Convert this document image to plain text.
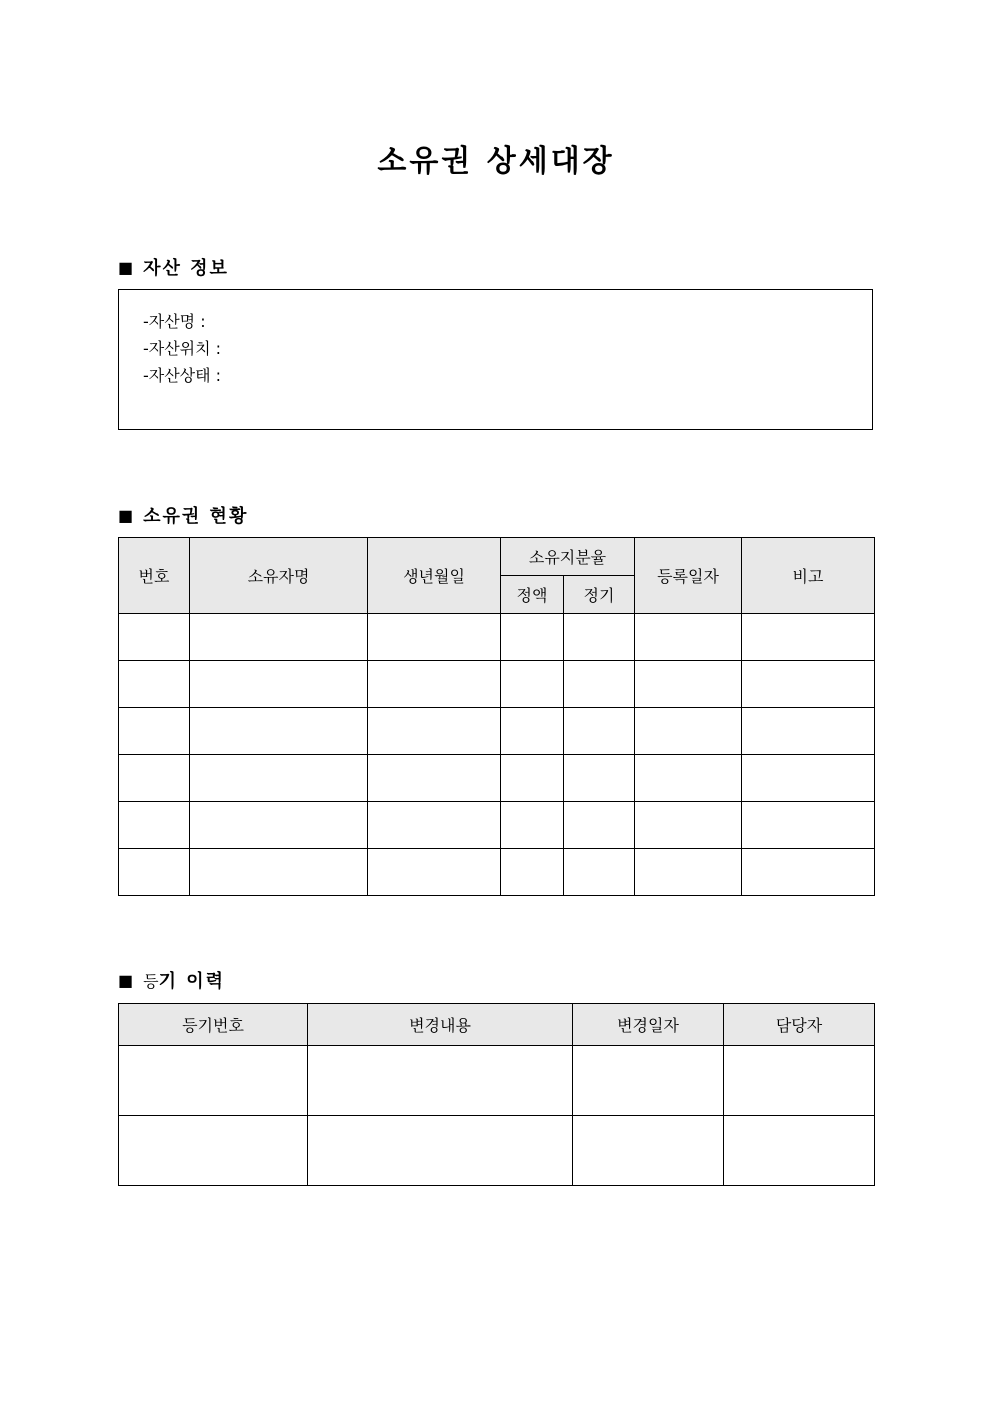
소유권 상세대장
■ 자산 정보
-자산명 :
-자산위치 :
-자산상태 :
■ 소유권 현황
번호	소유자명	생년월일	소유지분율		등록일자	비고
			정액	정기		

■ 등 기 이력
등기번호	변경내용	변경일자	담당자
